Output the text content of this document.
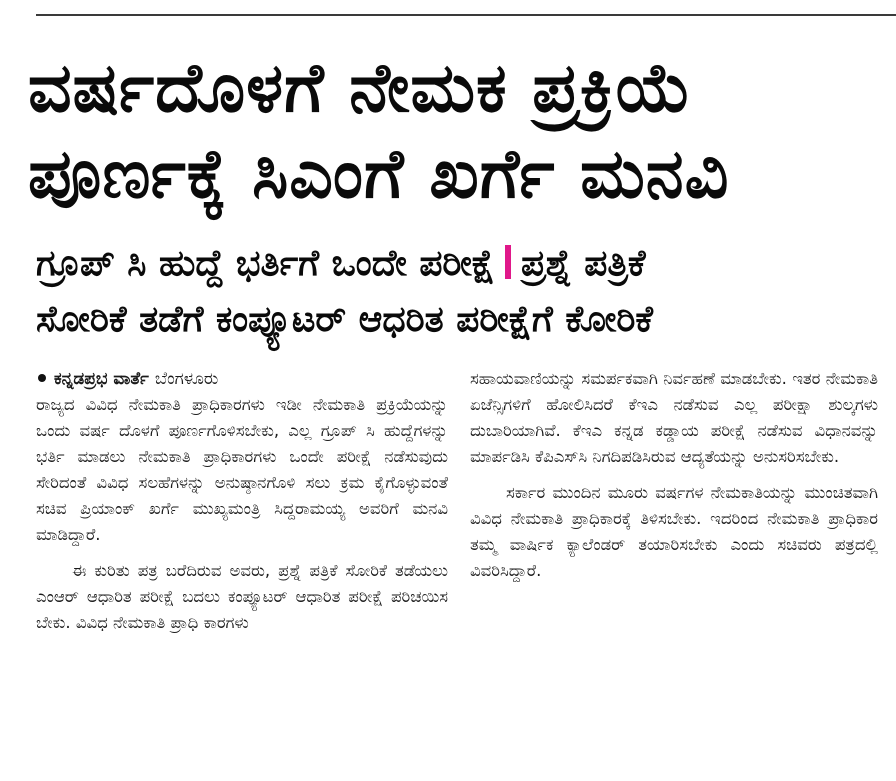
ವರ್ಷದೊಳಗೆ ನೇಮಕ ಪ್ರಕ್ರಿಯೆ
ಪೂರ್ಣಕ್ಕೆ ಸಿಎಂಗೆ ಖರ್ಗೆ ಮನವಿ
ಗ್ರೂಪ್ ಸಿ ಹುದ್ದೆ ಭರ್ತಿಗೆ ಒಂದೇ ಪರೀಕ್ಷೆ ಪ್ರಶ್ನೆ ಪತ್ರಿಕೆ
ಸೋರಿಕೆ ತಡೆಗೆ ಕಂಪ್ಯೂಟರ್ ಆಧರಿತ ಪರೀಕ್ಷೆಗೆ ಕೋರಿಕೆ

ಕನ್ನಡಪ್ರಭ ವಾರ್ತೆ ಬೆಂಗಳೂರು

ರಾಜ್ಯದ ವಿವಿಧ ನೇಮಕಾತಿ ಪ್ರಾಧಿಕಾರಗಳು ಇಡೀ ನೇಮಕಾತಿ ಪ್ರಕ್ರಿಯೆಯನ್ನು ಒಂದು ವರ್ಷ ದೊಳಗೆ ಪೂರ್ಣಗೊಳಿಸಬೇಕು, ಎಲ್ಲ ಗ್ರೂಪ್ ಸಿ ಹುದ್ದೆಗಳನ್ನು ಭರ್ತಿ ಮಾಡಲು ನೇಮಕಾತಿ ಪ್ರಾಧಿಕಾರಗಳು ಒಂದೇ ಪರೀಕ್ಷೆ ನಡೆಸುವುದು ಸೇರಿದಂತೆ ವಿವಿಧ ಸಲಹೆಗಳನ್ನು ಅನುಷ್ಠಾನಗೊಳಿ ಸಲು ಕ್ರಮ ಕೈಗೊಳ್ಳುವಂತೆ ಸಚಿವ ಪ್ರಿಯಾಂಕ್ ಖರ್ಗೆ ಮುಖ್ಯಮಂತ್ರಿ ಸಿದ್ದರಾಮಯ್ಯ ಅವರಿಗೆ ಮನವಿ ಮಾಡಿದ್ದಾರೆ.

ಈ ಕುರಿತು ಪತ್ರ ಬರೆದಿರುವ ಅವರು, ಪ್ರಶ್ನೆ ಪತ್ರಿಕೆ ಸೋರಿಕೆ ತಡೆಯಲು ಎಂಆರ್ ಆಧಾರಿತ ಪರೀಕ್ಷೆ ಬದಲು ಕಂಪ್ಯೂಟರ್ ಆಧಾರಿತ ಪರೀಕ್ಷೆ ಪರಿಚಯಿಸ ಬೇಕು. ವಿವಿಧ ನೇಮಕಾತಿ ಪ್ರಾಧಿ ಕಾರಗಳು

ಸಹಾಯವಾಣಿಯನ್ನು ಸಮರ್ಪಕವಾಗಿ ನಿರ್ವಹಣೆ ಮಾಡಬೇಕು. ಇತರ ನೇಮಕಾತಿ ಏಜೆನ್ಸಿಗಳಿಗೆ ಹೋಲಿಸಿದರೆ ಕೆಇಎ ನಡೆಸುವ ಎಲ್ಲ ಪರೀಕ್ಷಾ ಶುಲ್ಕಗಳು ದುಬಾರಿಯಾಗಿವೆ. ಕೆಇಎ ಕನ್ನಡ ಕಡ್ಡಾಯ ಪರೀಕ್ಷೆ ನಡೆಸುವ ವಿಧಾನವನ್ನು ಮಾರ್ಪಡಿಸಿ ಕೆಪಿಎಸ್‌ಸಿ ನಿಗದಿಪಡಿಸಿರುವ ಆದ್ಯತೆಯನ್ನು ಅನುಸರಿಸಬೇಕು.

ಸರ್ಕಾರ ಮುಂದಿನ ಮೂರು ವರ್ಷಗಳ ನೇಮಕಾತಿಯನ್ನು ಮುಂಚಿತವಾಗಿ ವಿವಿಧ ನೇಮಕಾತಿ ಪ್ರಾಧಿಕಾರಕ್ಕೆ ತಿಳಿಸಬೇಕು. ಇದರಿಂದ ನೇಮಕಾತಿ ಪ್ರಾಧಿಕಾರ ತಮ್ಮ ವಾರ್ಷಿಕ ಕ್ಯಾಲೆಂಡರ್ ತಯಾರಿಸಬೇಕು ಎಂದು ಸಚಿವರು ಪತ್ರದಲ್ಲಿ ವಿವರಿಸಿದ್ದಾರೆ.
